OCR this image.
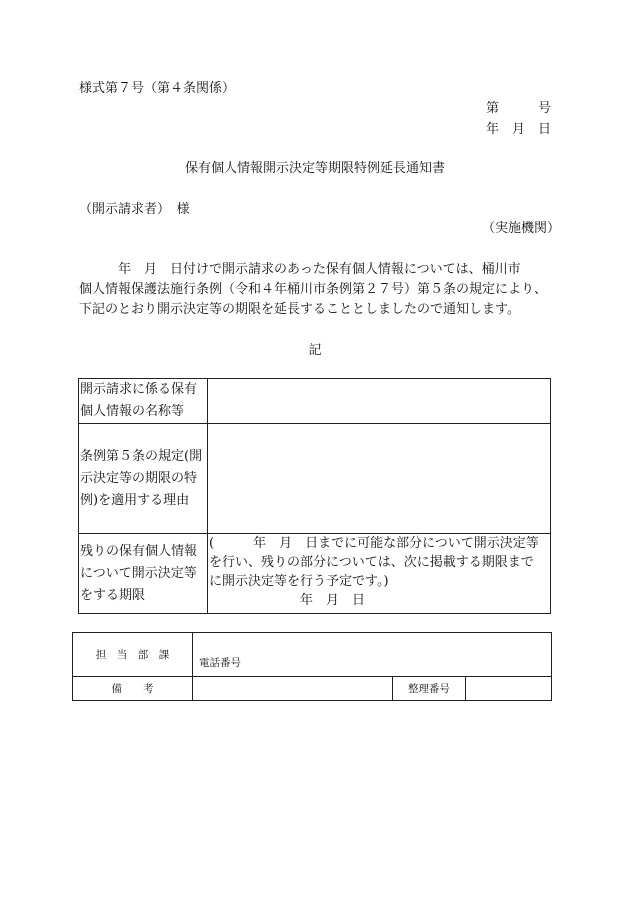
様式第７号（第４条関係）
第　　　号
年　月　日
保有個人情報開示決定等期限特例延長通知書
（開示請求者）　様
（実施機関）
　　　年　月　日付けで開示請求のあった保有個人情報については、桶川市
個人情報保護法施行条例（令和４年桶川市条例第２７号）第５条の規定により、
下記のとおり開示決定等の期限を延長することとしましたので通知します。
記
開示請求に係る保有
個人情報の名称等	

条例第５条の規定(開
示決定等の期限の特
例)を適用する理由	

残りの保有個人情報
について開示決定等
をする期限	(　　　年　月　日までに可能な部分について開示決定等
を行い、残りの部分については、次に掲載する期限まで
に開示決定等を行う予定です。)
　　　　　　　年　月　日
担　当　部　課	電話番号		
備　　考		整理番号	
